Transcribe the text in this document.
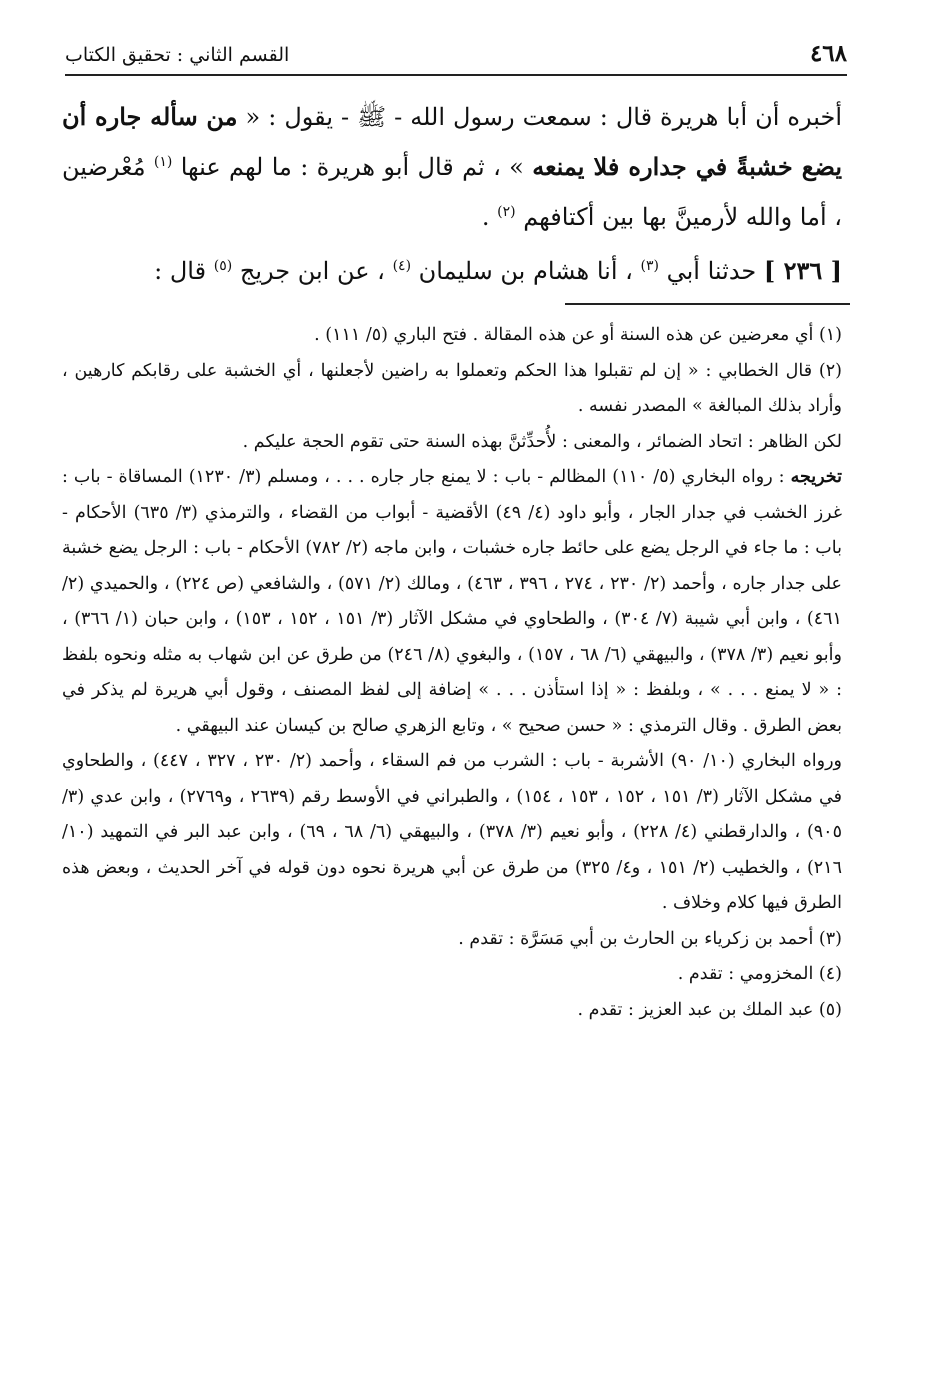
٤٦٨
القسم الثاني : تحقيق الكتاب

أخبره أن أبا هريرة قال : سمعت رسول الله - ﷺ - يقول : « من سأله جاره أن يضع خشبةً في جداره فلا يمنعه » ، ثم قال أبو هريرة : ما لهم عنها $^{(١)}$ مُعْرضين ، أما والله لأرمينَّ بها بين أكتافهم $^{(٢)}$ .

[ ٢٣٦ ] حدثنا أبي $^{(٣)}$ ، أنا هشام بن سليمان $^{(٤)}$ ، عن ابن جريج $^{(٥)}$ قال :

(١) أي معرضين عن هذه السنة أو عن هذه المقالة . فتح الباري (٥/ ١١١) .

(٢) قال الخطابي : « إن لم تقبلوا هذا الحكم وتعملوا به راضين لأجعلنها ، أي الخشبة على رقابكم كارهين ، وأراد بذلك المبالغة » المصدر نفسه .

لكن الظاهر : اتحاد الضمائر ، والمعنى : لأُحدِّثنَّ بهذه السنة حتى تقوم الحجة عليكم .

تخريجه : رواه البخاري (٥/ ١١٠) المظالم - باب : لا يمنع جار جاره . . . ، ومسلم (٣/ ١٢٣٠) المساقاة - باب : غرز الخشب في جدار الجار ، وأبو داود (٤/ ٤٩) الأقضية - أبواب من القضاء ، والترمذي (٣/ ٦٣٥) الأحكام - باب : ما جاء في الرجل يضع على حائط جاره خشبات ، وابن ماجه (٢/ ٧٨٢) الأحكام - باب : الرجل يضع خشبة على جدار جاره ، وأحمد (٢/ ٢٣٠ ، ٢٧٤ ، ٣٩٦ ، ٤٦٣) ، ومالك (٢/ ٥٧١) ، والشافعي (ص ٢٢٤) ، والحميدي (٢/ ٤٦١) ، وابن أبي شيبة (٧/ ٣٠٤) ، والطحاوي في مشكل الآثار (٣/ ١٥١ ، ١٥٢ ، ١٥٣) ، وابن حبان (١/ ٣٦٦) ، وأبو نعيم (٣/ ٣٧٨) ، والبيهقي (٦/ ٦٨ ، ١٥٧) ، والبغوي (٨/ ٢٤٦) من طرق عن ابن شهاب به مثله ونحوه بلفظ : « لا يمنع . . . » ، وبلفظ : « إذا استأذن . . . » إضافة إلى لفظ المصنف ، وقول أبي هريرة لم يذكر في بعض الطرق . وقال الترمذي : « حسن صحيح » ، وتابع الزهري صالح بن كيسان عند البيهقي .

ورواه البخاري (١٠/ ٩٠) الأشربة - باب : الشرب من فم السقاء ، وأحمد (٢/ ٢٣٠ ، ٣٢٧ ، ٤٤٧) ، والطحاوي في مشكل الآثار (٣/ ١٥١ ، ١٥٢ ، ١٥٣ ، ١٥٤) ، والطبراني في الأوسط رقم (٢٦٣٩ ، و٢٧٦٩) ، وابن عدي (٣/ ٩٠٥) ، والدارقطني (٤/ ٢٢٨) ، وأبو نعيم (٣/ ٣٧٨) ، والبيهقي (٦/ ٦٨ ، ٦٩) ، وابن عبد البر في التمهيد (١٠/ ٢١٦) ، والخطيب (٢/ ١٥١ ، و٤/ ٣٢٥) من طرق عن أبي هريرة نحوه دون قوله في آخر الحديث ، وبعض هذه الطرق فيها كلام وخلاف .

(٣) أحمد بن زكرياء بن الحارث بن أبي مَسَرَّة : تقدم .

(٤) المخزومي : تقدم .

(٥) عبد الملك بن عبد العزيز : تقدم .
